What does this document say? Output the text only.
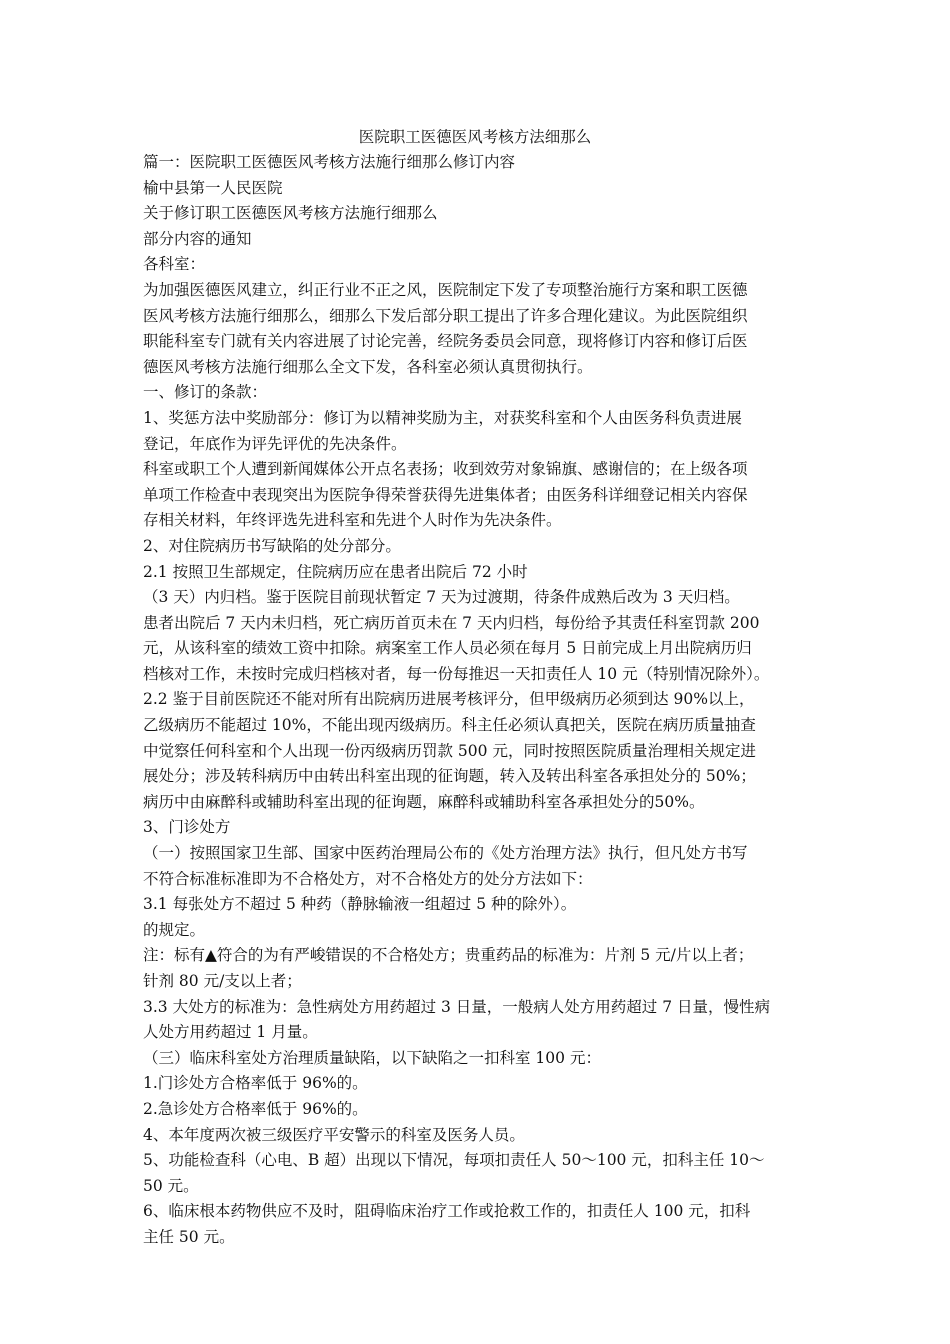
医院职工医德医风考核方法细那么
篇一：医院职工医德医风考核方法施行细那么修订内容
榆中县第一人民医院
关于修订职工医德医风考核方法施行细那么
部分内容的通知
各科室：
为加强医德医风建立，纠正行业不正之风，医院制定下发了专项整治施行方案和职工医德
医风考核方法施行细那么，细那么下发后部分职工提出了许多合理化建议。为此医院组织
职能科室专门就有关内容进展了讨论完善，经院务委员会同意，现将修订内容和修订后医
德医风考核方法施行细那么全文下发，各科室必须认真贯彻执行。
一、修订的条款：
1、奖惩方法中奖励部分：修订为以精神奖励为主，对获奖科室和个人由医务科负责进展
登记，年底作为评先评优的先决条件。
科室或职工个人遭到新闻媒体公开点名表扬；收到效劳对象锦旗、感谢信的；在上级各项
单项工作检查中表现突出为医院争得荣誉获得先进集体者；由医务科详细登记相关内容保
存相关材料，年终评选先进科室和先进个人时作为先决条件。
2、对住院病历书写缺陷的处分部分。
2.1 按照卫生部规定，住院病历应在患者出院后 72 小时
（3 天）内归档。鉴于医院目前现状暂定 7 天为过渡期，待条件成熟后改为 3 天归档。
患者出院后 7 天内未归档，死亡病历首页未在 7 天内归档，每份给予其责任科室罚款 200
元，从该科室的绩效工资中扣除。病案室工作人员必须在每月 5 日前完成上月出院病历归
档核对工作，未按时完成归档核对者，每一份每推迟一天扣责任人 10 元（特别情况除外）。
2.2 鉴于目前医院还不能对所有出院病历进展考核评分，但甲级病历必须到达 90%以上，
乙级病历不能超过 10%，不能出现丙级病历。科主任必须认真把关，医院在病历质量抽查
中觉察任何科室和个人出现一份丙级病历罚款 500 元，同时按照医院质量治理相关规定进
展处分；涉及转科病历中由转出科室出现的征询题，转入及转出科室各承担处分的 50%；
病历中由麻醉科或辅助科室出现的征询题，麻醉科或辅助科室各承担处分的50%。
3、门诊处方
（一）按照国家卫生部、国家中医药治理局公布的《处方治理方法》执行，但凡处方书写
不符合标准标准即为不合格处方，对不合格处方的处分方法如下：
3.1 每张处方不超过 5 种药（静脉输液一组超过 5 种的除外）。
的规定。
注：标有▲符合的为有严峻错误的不合格处方；贵重药品的标准为：片剂 5 元/片以上者；
针剂 80 元/支以上者；
3.3 大处方的标准为：急性病处方用药超过 3 日量，一般病人处方用药超过 7 日量，慢性病
人处方用药超过 1 月量。
（三）临床科室处方治理质量缺陷，以下缺陷之一扣科室 100 元：
1.门诊处方合格率低于 96%的。
2.急诊处方合格率低于 96%的。
4、本年度两次被三级医疗平安警示的科室及医务人员。
5、功能检查科（心电、B 超）出现以下情况，每项扣责任人 50～100 元，扣科主任 10～
50 元。
6、临床根本药物供应不及时，阻碍临床治疗工作或抢救工作的，扣责任人 100 元，扣科
主任 50 元。
